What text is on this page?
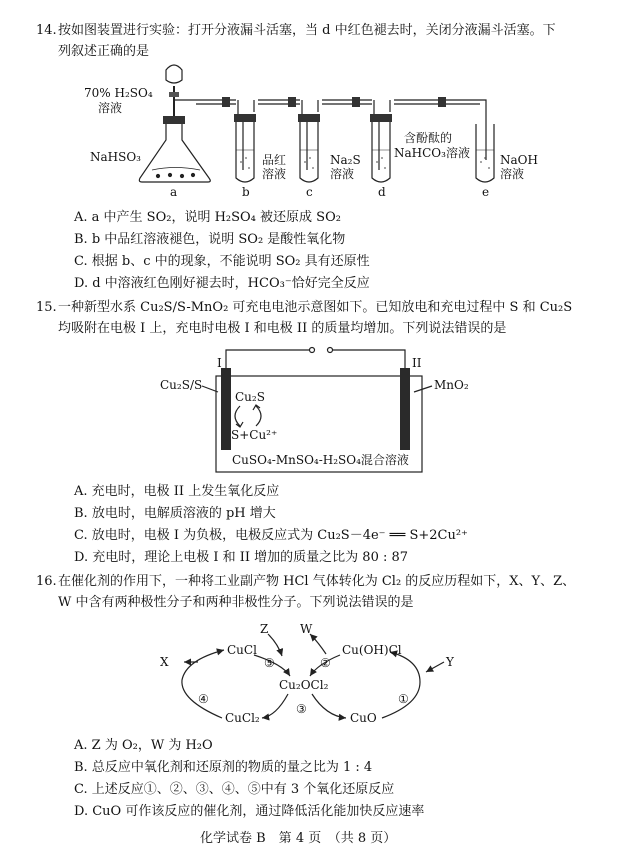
14. 按如图装置进行实验：打开分液漏斗活塞，当 d 中红色褪去时，关闭分液漏斗活塞。下
列叙述正确的是
70% H₂SO₄
溶液
NaHSO₃	品红
溶液
Na₂S
溶液
含酚酞的
NaHCO₃溶液	NaOH
溶液
a	b	c	d	e
A. a 中产生 SO₂，说明 H₂SO₄ 被还原成 SO₂
B. b 中品红溶液褪色，说明 SO₂ 是酸性氧化物
C. 根据 b、c 中的现象，不能说明 SO₂ 具有还原性
D. d 中溶液红色刚好褪去时，HCO₃⁻恰好完全反应
15. 一种新型水系 Cu₂S/S-MnO₂ 可充电电池示意图如下。已知放电和充电过程中 S 和 Cu₂S
均吸附在电极 I 上，充电时电极 I 和电极 II 的质量均增加。下列说法错误的是
I	II
Cu₂S/S	MnO₂
Cu₂S
S+Cu²⁺
CuSO₄-MnSO₄-H₂SO₄混合溶液
A. 充电时，电极 II 上发生氧化反应
B. 放电时，电解质溶液的 pH 增大
C. 放电时，电极 I 为负极，电极反应式为 Cu₂S－4e⁻ ══ S+2Cu²⁺
D. 充电时，理论上电极 I 和 II 增加的质量之比为 80 : 87
16. 在催化剂的作用下，一种将工业副产物 HCl 气体转化为 Cl₂ 的反应历程如下，X、Y、Z、
W 中含有两种极性分子和两种非极性分子。下列说法错误的是
CuCl	Cu(OH)Cl
Cu₂OCl₂
CuCl₂	CuO
X	Y
Z	W
①
②
③
④
⑤
A. Z 为 O₂，W 为 H₂O
B. 总反应中氧化剂和还原剂的物质的量之比为 1 : 4
C. 上述反应①、②、③、④、⑤中有 3 个氧化还原反应
D. CuO 可作该反应的催化剂，通过降低活化能加快反应速率
化学试卷 B　第 4 页　（共 8 页）
